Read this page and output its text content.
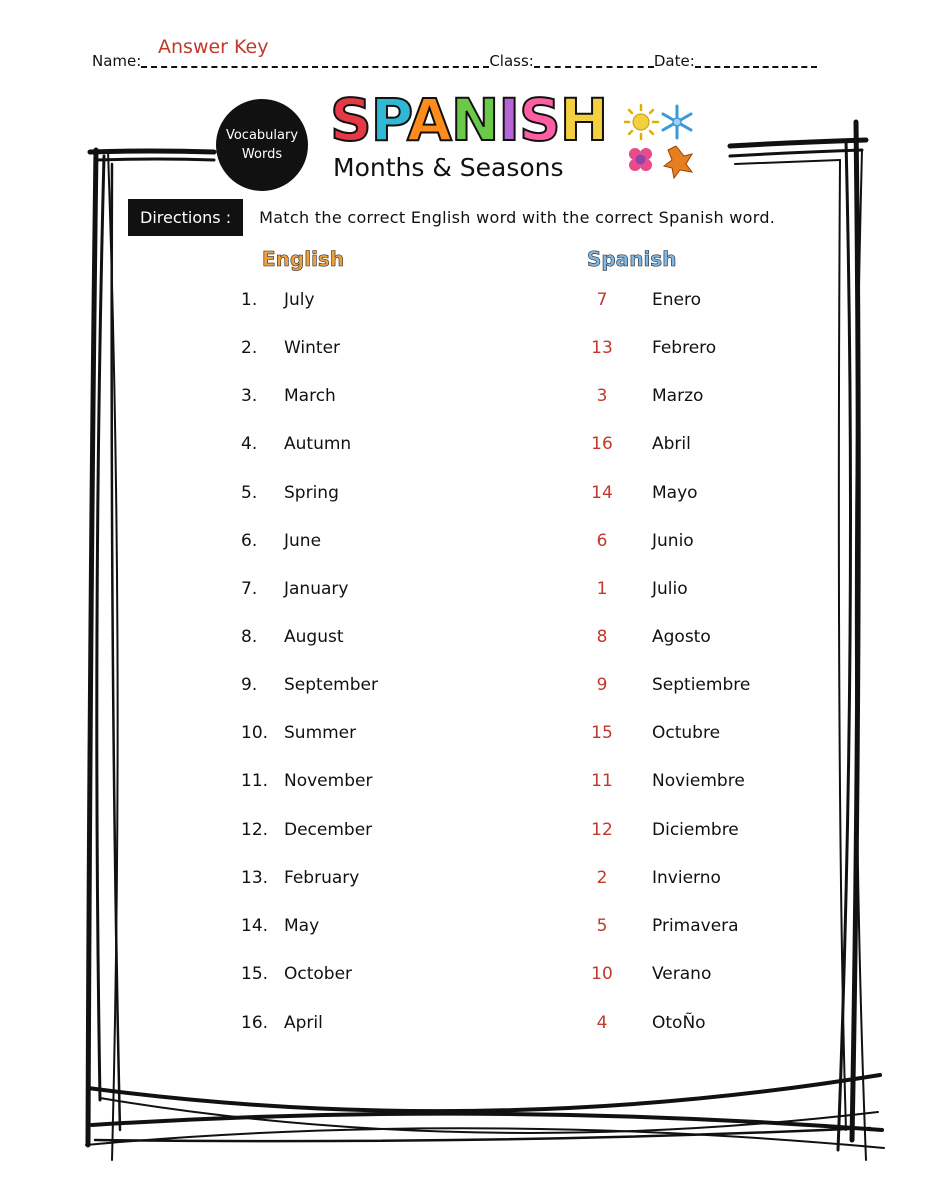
Answer Key
Name:	Class:	Date:
Vocabulary
Words
SPANISH
Months & Seasons
Directions :	Match the correct English word with the correct Spanish word.
English	Spanish
1. July	7	Enero
2. Winter	13	Febrero
3. March	3	Marzo
4. Autumn	16	Abril
5. Spring	14	Mayo
6. June	6	Junio
7. January	1	Julio
8. August	8	Agosto
9. September	9	Septiembre
10. Summer	15	Octubre
11. November	11	Noviembre
12. December	12	Diciembre
13. February	2	Invierno
14. May	5	Primavera
15. October	10	Verano
16. April	4	OtoÑo
